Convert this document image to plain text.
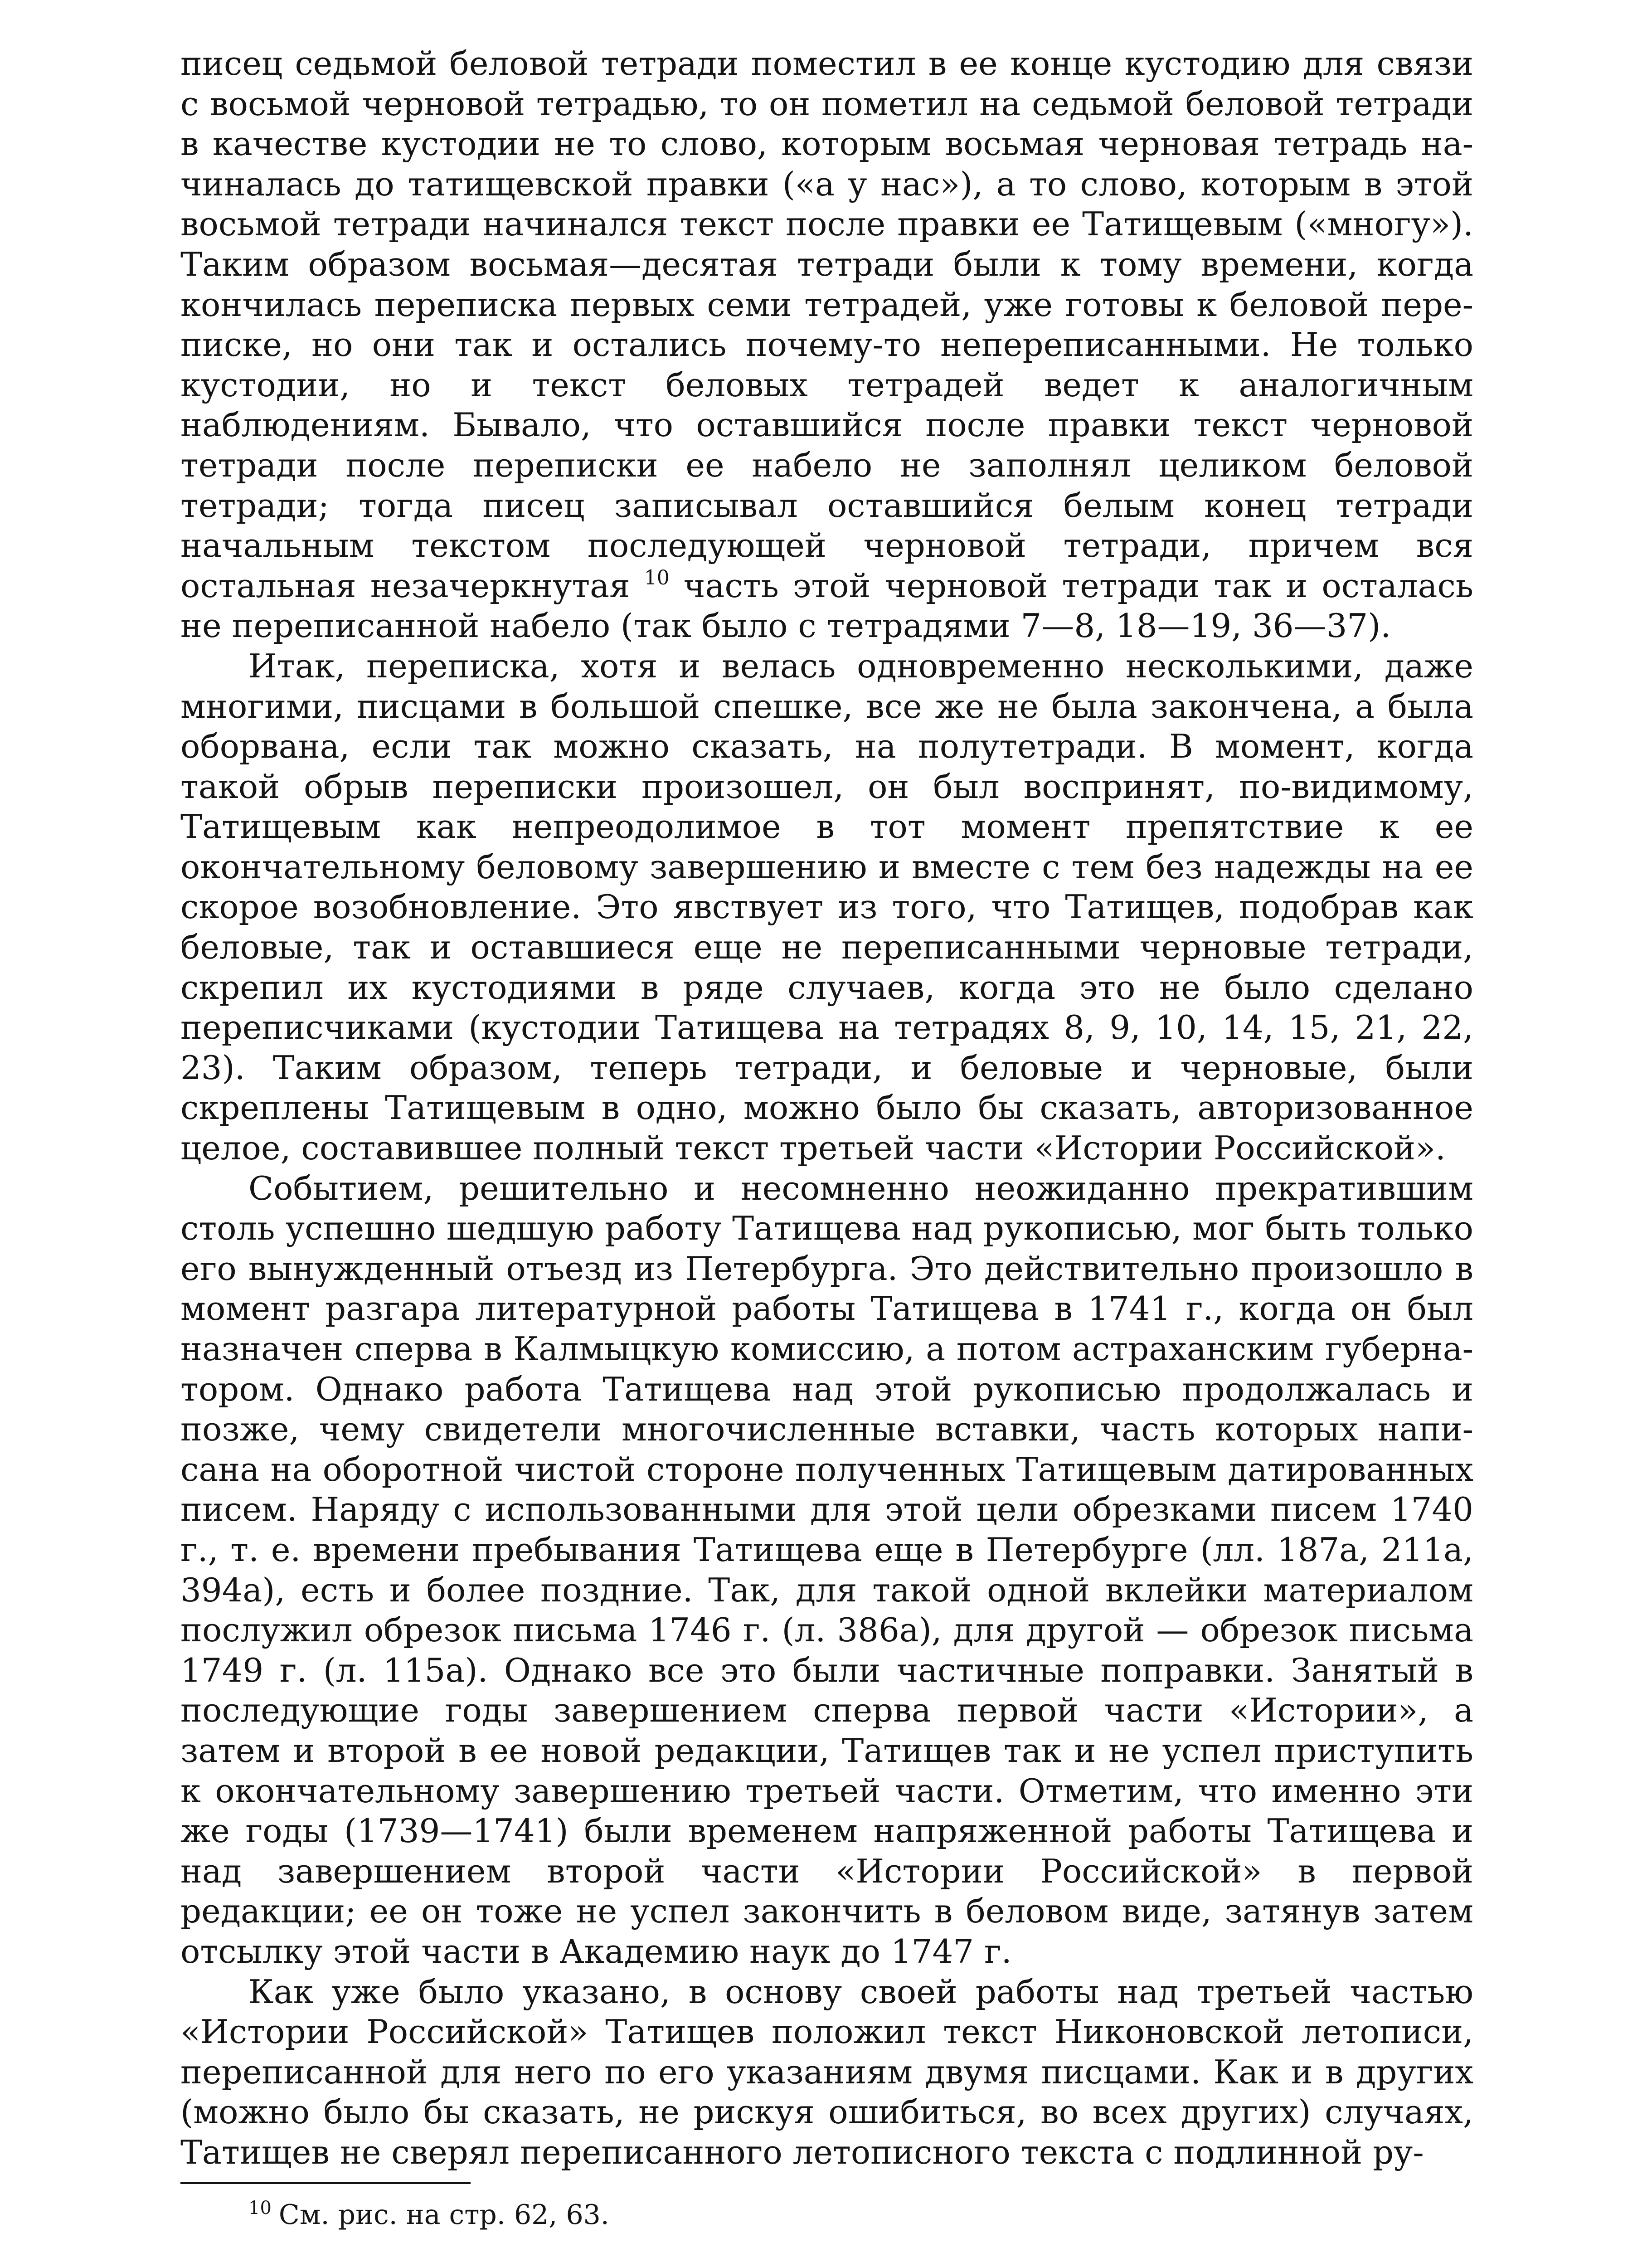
писец седьмой беловой тетради поместил в ее конце кустодию для связи с восьмой черновой тетрадью, то он пометил на седьмой беловой тетради в качестве кустодии не то слово, которым восьмая черновая тетрадь начиналась до татищевской правки («а у нас»), а то слово, которым в этой восьмой тетради начинался текст после правки ее Татищевым («многу»). Таким образом восьмая—десятая тетради были к тому времени, когда кончилась переписка первых семи тетрадей, уже готовы к беловой переписке, но они так и остались почему-то непереписанными. Не только кустодии, но и текст беловых тетрадей ведет к аналогичным наблюдениям. Бывало, что оставшийся после правки текст черновой тетради после переписки ее набело не заполнял целиком беловой тетради; тогда писец записывал оставшийся белым конец тетради начальным текстом последующей черновой тетради, причем вся остальная незачеркнутая $^{10}$ часть этой черновой тетради так и осталась не переписанной набело (так было с тетрадями 7—8, 18—19, 36—37).

Итак, переписка, хотя и велась одновременно несколькими, даже многими, писцами в большой спешке, все же не была закончена, а была оборвана, если так можно сказать, на полутетради. В момент, когда такой обрыв переписки произошел, он был воспринят, по-видимому, Татищевым как непреодолимое в тот момент препятствие к ее окончательному беловому завершению и вместе с тем без надежды на ее скорое возобновление. Это явствует из того, что Татищев, подобрав как беловые, так и оставшиеся еще не переписанными черновые тетради, скрепил их кустодиями в ряде случаев, когда это не было сделано переписчиками (кустодии Татищева на тетрадях 8, 9, 10, 14, 15, 21, 22, 23). Таким образом, теперь тетради, и беловые и черновые, были скреплены Татищевым в одно, можно было бы сказать, авторизованное целое, составившее полный текст третьей части «Истории Российской».

Событием, решительно и несомненно неожиданно прекратившим столь успешно шедшую работу Татищева над рукописью, мог быть только его вынужденный отъезд из Петербурга. Это действительно произошло в момент разгара литературной работы Татищева в 1741 г., когда он был назначен сперва в Калмыцкую комиссию, а потом астраханским губернатором. Однако работа Татищева над этой рукописью продолжалась и позже, чему свидетели многочисленные вставки, часть которых написана на оборотной чистой стороне полученных Татищевым датированных писем. Наряду с использованными для этой цели обрезками писем 1740 г., т. е. времени пребывания Татищева еще в Петербурге (лл. 187а, 211а, 394а), есть и более поздние. Так, для такой одной вклейки материалом послужил обрезок письма 1746 г. (л. 386а), для другой — обрезок письма 1749 г. (л. 115а). Однако все это были частичные поправки. Занятый в последующие годы завершением сперва первой части «Истории», а затем и второй в ее новой редакции, Татищев так и не успел приступить к окончательному завершению третьей части. Отметим, что именно эти же годы (1739—1741) были временем напряженной работы Татищева и над завершением второй части «Истории Российской» в первой редакции; ее он тоже не успел закончить в беловом виде, затянув затем отсылку этой части в Академию наук до 1747 г.

Как уже было указано, в основу своей работы над третьей частью «Истории Российской» Татищев положил текст Никоновской летописи, переписанной для него по его указаниям двумя писцами. Как и в других (можно было бы сказать, не рискуя ошибиться, во всех других) случаях, Татищев не сверял переписанного летописного текста с подлинной ру-

$^{10}$ См. рис. на стр. 62, 63.
